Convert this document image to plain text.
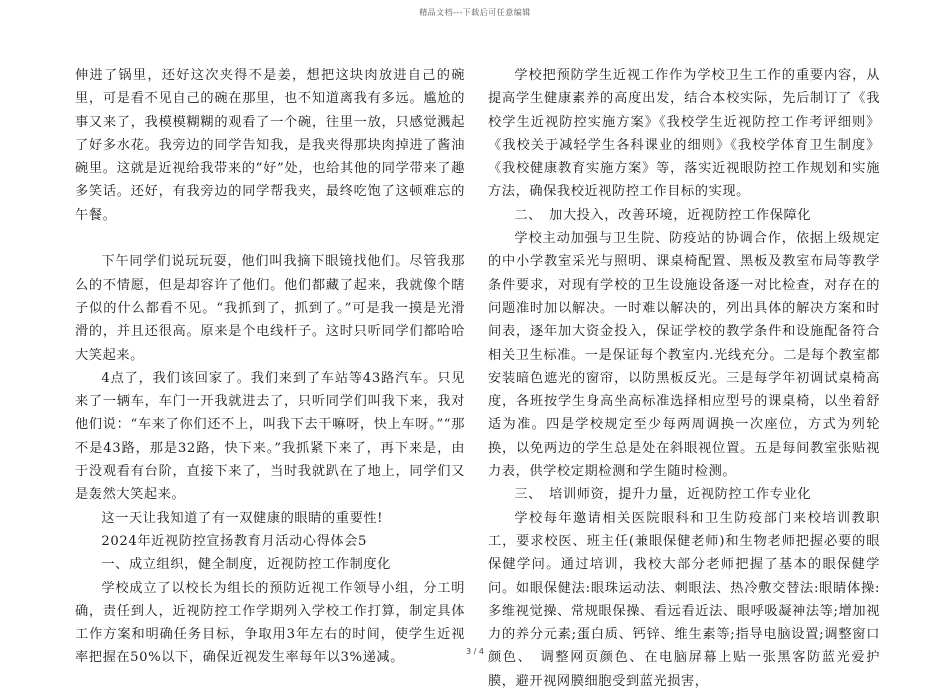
精品文档---下载后可任意编辑

伸进了锅里，还好这次夹得不是姜，想把这块肉放进自己的碗里，可是看不见自己的碗在那里，也不知道离我有多远。尴尬的事又来了，我模模糊糊的观看了一个碗，往里一放，只感觉溅起了好多水花。我旁边的同学告知我，是我夹得那块肉掉进了酱油碗里。这就是近视给我带来的“好”处，也给其他的同学带来了趣多笑话。还好，有我旁边的同学帮我夹，最终吃饱了这顿难忘的午餐。

下午同学们说玩玩耍，他们叫我摘下眼镜找他们。尽管我那么的不情愿，但是却容许了他们。他们都藏了起来，我就像个瞎子似的什么都看不见。“我抓到了，抓到了。”可是我一摸是光滑滑的，并且还很高。原来是个电线杆子。这时只听同学们都哈哈大笑起来。

4点了，我们该回家了。我们来到了车站等43路汽车。只见来了一辆车，车门一开我就进去了，只听同学们叫我下来，我对他们说：“车来了你们还不上，叫我下去干嘛呀，快上车呀。”“那不是43路，那是32路，快下来。”我抓紧下来了，再下来是，由于没观看有台阶，直接下来了，当时我就趴在了地上，同学们又是轰然大笑起来。

这一天让我知道了有一双健康的眼睛的重要性!

2024年近视防控宣扬教育月活动心得体会5

一、成立组织，健全制度，近视防控工作制度化

学校成立了以校长为组长的预防近视工作领导小组，分工明确，责任到人，近视防控工作学期列入学校工作打算，制定具体工作方案和明确任务目标，争取用3年左右的时间，使学生近视率把握在50%以下，确保近视发生率每年以3%递减。

学校把预防学生近视工作作为学校卫生工作的重要内容，从提高学生健康素养的高度出发，结合本校实际，先后制订了《我校学生近视防控实施方案》《我校学生近视防控工作考评细则》《我校关于减轻学生各科课业的细则》《我校学体育卫生制度》《我校健康教育实施方案》等，落实近视眼防控工作规划和实施方法，确保我校近视防控工作目标的实现。

二、　加大投入，改善环境，近视防控工作保障化

学校主动加强与卫生院、防疫站的协调合作，依据上级规定的中小学教室采光与照明、课桌椅配置、黑板及教室布局等教学条件要求，对现有学校的卫生设施设备逐一对比检查，对存在的问题准时加以解决。一时难以解决的，列出具体的解决方案和时间表，逐年加大资金投入，保证学校的教学条件和设施配备符合相关卫生标准。一是保证每个教室内.光线充分。二是每个教室都安装暗色遮光的窗帘，以防黑板反光。三是每学年初调试桌椅高度，各班按学生身高坐高标准选择相应型号的课桌椅，以坐着舒适为准。四是学校规定至少每两周调换一次座位，方式为列轮换，以免两边的学生总是处在斜眼视位置。五是每间教室张贴视力表，供学校定期检测和学生随时检测。

三、　培训师资，提升力量，近视防控工作专业化

学校每年邀请相关医院眼科和卫生防疫部门来校培训教职工，要求校医、班主任(兼眼保健老师)和生物老师把握必要的眼保健学问。通过培训，我校大部分老师把握了基本的眼保健学问。如眼保健法:眼珠运动法、刺眼法、热冷敷交替法:眼睛体操:多维视觉操、常规眼保操、看远看近法、眼呼吸凝神法等;增加视力的养分元素;蛋白质、钙锌、维生素等;指导电脑设置;调整窗口颜色、　调整网页颜色、在电脑屏幕上贴一张黑客防蓝光爱护膜，避开视网膜细胞受到蓝光损害，

3 / 4
